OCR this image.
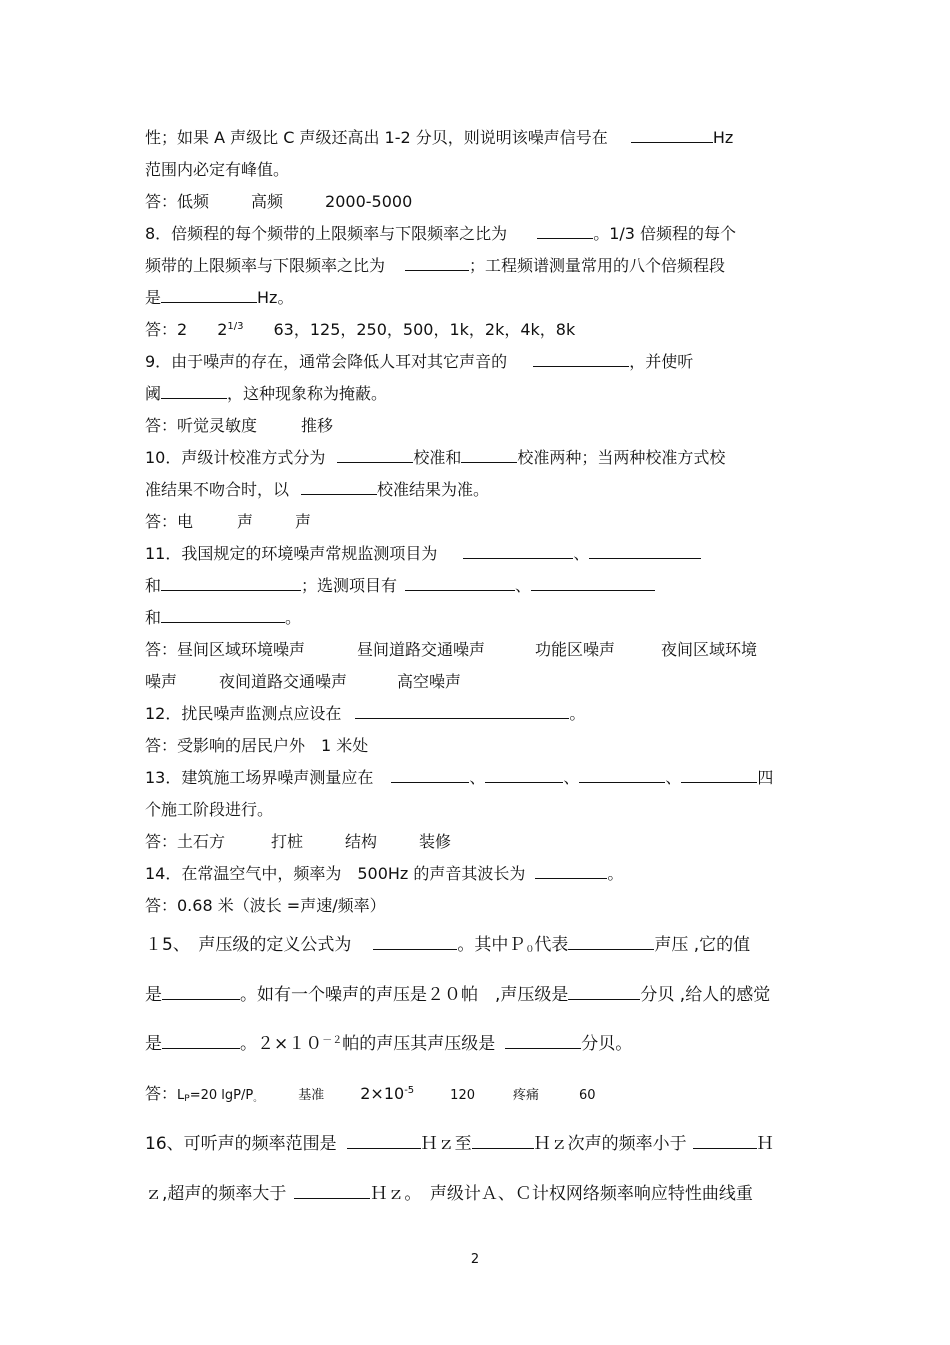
性；如果 A 声级比 C 声级还高出 1-2 分贝，则说明该噪声信号在	Hz
范围内必定有峰值。
答：低频	高频	2000-5000
8．倍频程的每个频带的上限频率与下限频率之比为	。1/3 倍频程的每个
频带的上限频率与下限频率之比为	；工程频谱测量常用的八个倍频程段
是	Hz。
答：2 $2^{1/3}$ 63，125，250，500，1k，2k，4k，8k
9．由于噪声的存在，通常会降低人耳对其它声音的	，并使听
阈	，这种现象称为掩蔽。
答：听觉灵敏度	推移
10．声级计校准方式分为	校准和	校准两种；当两种校准方式校
准结果不吻合时，以	校准结果为准。
答：电	声	声
11．我国规定的环境噪声常规监测项目为	、
和	；选测项目有	、
和	。
答：昼间区域环境噪声	昼间道路交通噪声	功能区噪声	夜间区域环境
噪声	夜间道路交通噪声	高空噪声
12．扰民噪声监测点应设在	。
答：受影响的居民户外　1 米处
13．建筑施工场界噪声测量应在	、	、	、	四
个施工阶段进行。
答：土石方	打桩	结构	装修
14．在常温空气中，频率为　500Hz 的声音其波长为	。
答：0.68 米（波长 =声速/频率）
１5、　声压级的定义公式为	。其中Ｐ$_0$代表	声压 ,它的值
是	。如有一个噪声的声压是２０帕　,声压级是	分贝 ,给人的感觉
是	。$2\times 10^{-2}$帕的声压其声压级是	分贝。
答：$L_P=20$ lgP/$P_。$	基准 $2\times 10^{-5}$	120	疼痛	60
16、可听声的频率范围是	Ｈｚ至	Ｈｚ次声的频率小于	Ｈ
ｚ,超声的频率大于	Ｈｚ。　声级计Ａ、Ｃ计权网络频率响应特性曲线重
2
